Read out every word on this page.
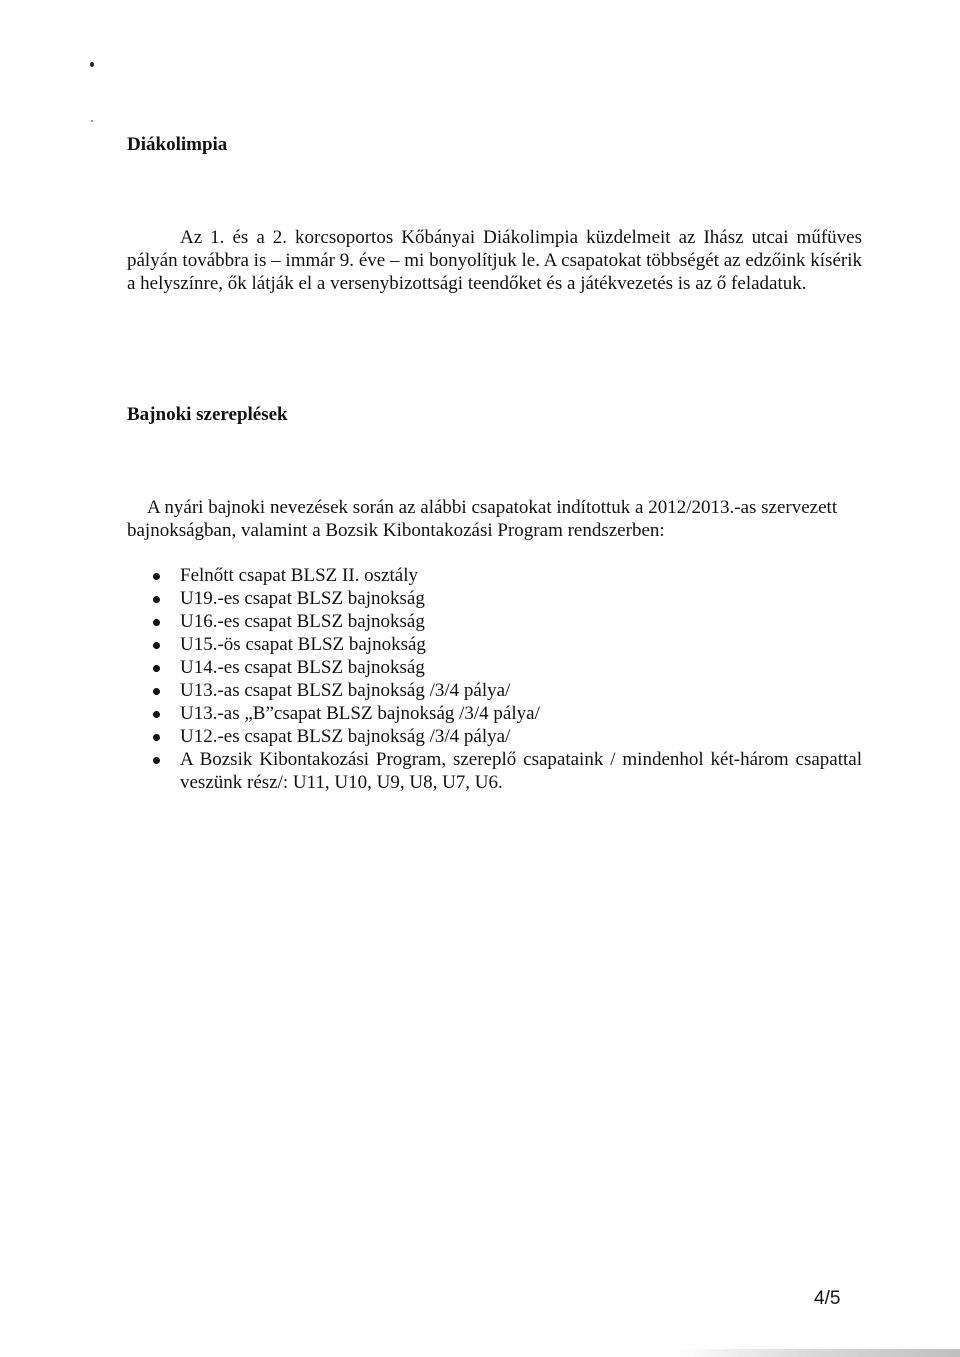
Diákolimpia

Az 1. és a 2. korcsoportos Kőbányai Diákolimpia küzdelmeit az Ihász utcai műfüves pályán továbbra is – immár 9. éve – mi bonyolítjuk le. A csapatokat többségét az edzőink kísérik a helyszínre, ők látják el a versenybizottsági teendőket és a játékvezetés is az ő feladatuk.

Bajnoki szereplések

A nyári bajnoki nevezések során az alábbi csapatokat indítottuk a 2012/2013.-as szervezett bajnokságban, valamint a Bozsik Kibontakozási Program rendszerben:

Felnőtt csapat BLSZ II. osztály
U19.-es csapat BLSZ bajnokság
U16.-es csapat BLSZ bajnokság
U15.-ös csapat BLSZ bajnokság
U14.-es csapat BLSZ bajnokság
U13.-as csapat BLSZ bajnokság /3/4 pálya/
U13.-as „B”csapat BLSZ bajnokság /3/4 pálya/
U12.-es csapat BLSZ bajnokság /3/4 pálya/
A Bozsik Kibontakozási Program, szereplő csapataink / mindenhol két-három csapattal veszünk rész/: U11, U10, U9, U8, U7, U6.

4/5
